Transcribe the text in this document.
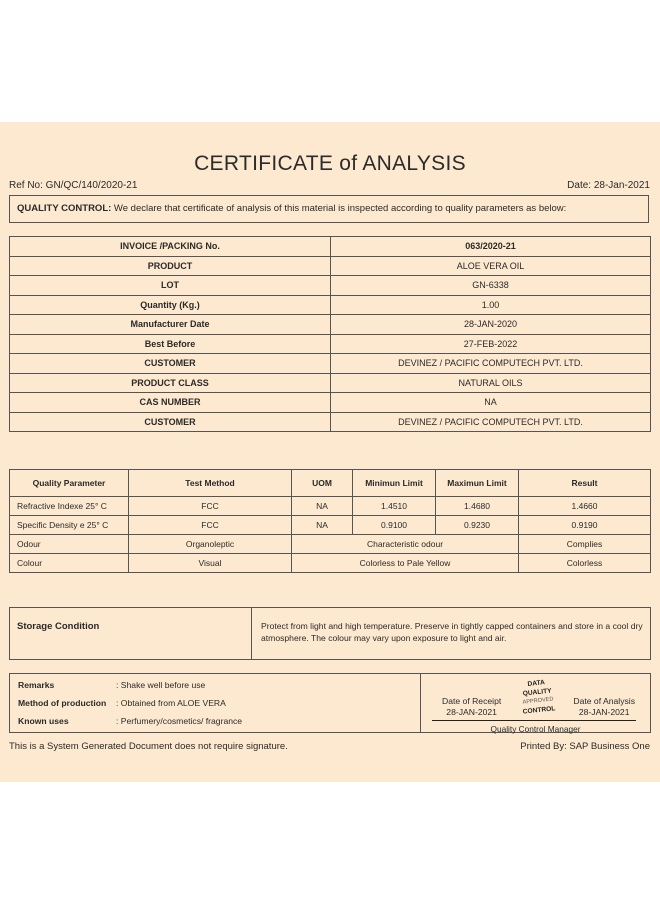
CERTIFICATE of ANALYSIS
Ref No: GN/QC/140/2020-21	Date: 28-Jan-2021
QUALITY CONTROL: We declare that certificate of analysis of this material is inspected according to quality parameters as below:
INVOICE /PACKING No.	063/2020-21
PRODUCT	ALOE VERA OIL
LOT	GN-6338
Quantity (Kg.)	1.00
Manufacturer Date	28-JAN-2020
Best Before	27-FEB-2022
CUSTOMER	DEVINEZ / PACIFIC COMPUTECH PVT. LTD.
PRODUCT CLASS	NATURAL OILS
CAS NUMBER	NA
CUSTOMER	DEVINEZ / PACIFIC COMPUTECH PVT. LTD.
Quality Parameter	Test Method	UOM	Minimun Limit	Maximun Limit	Result
Refractive Indexe 25° C	FCC	NA	1.4510	1.4680	1.4660
Specific Density e 25° C	FCC	NA	0.9100	0.9230	0.9190
Odour	Organoleptic	Characteristic odour			Complies
Colour	Visual	Colorless to Pale Yellow			Colorless
Storage Condition	Protect from light and high temperature. Preserve in tightly capped containers and store in a cool dry atmosphere. The colour may vary upon exposure to light and air.
Remarks	: Shake well before use
Method of production : Obtained from ALOE VERA
Known uses	: Perfumery/cosmetics/ fragrance
Date of Receipt
28-JAN-2021
DATA
QUALITY
APPROVED
CONTROL
Date of Analysis
28-JAN-2021
Quality Control Manager
This is a System Generated Document does not require signature.	Printed By: SAP Business One
